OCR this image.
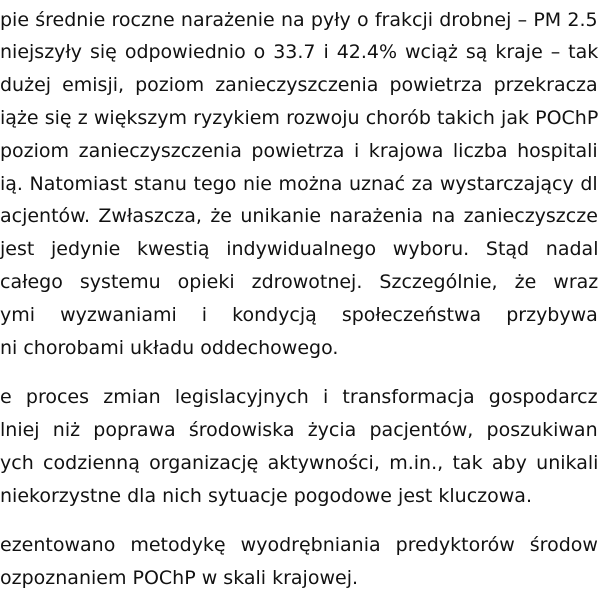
pie średnie roczne narażenie na pyły o frakcji drobnej – PM 2.5
niejszyły się odpowiednio o 33.7 i 42.4% wciąż są kraje – tak
dużej emisji, poziom zanieczyszczenia powietrza przekracza
iąże się z większym ryzykiem rozwoju chorób takich jak POChP
poziom zanieczyszczenia powietrza i krajowa liczba hospitali
ią. Natomiast stanu tego nie można uznać za wystarczający dl
acjentów. Zwłaszcza, że unikanie narażenia na zanieczyszcze
jest jedynie kwestią indywidualnego wyboru. Stąd nadal
całego systemu opieki zdrowotnej. Szczególnie, że wraz
ymi wyzwaniami i kondycją społeczeństwa przybywa
ni chorobami układu oddechowego.
e proces zmian legislacyjnych i transformacja gospodarcz
lniej niż poprawa środowiska życia pacjentów, poszukiwan
ych codzienną organizację aktywności, m.in., tak aby unikali
niekorzystne dla nich sytuacje pogodowe jest kluczowa.
ezentowano metodykę wyodrębniania predyktorów środow
ozpoznaniem POChP w skali krajowej.
